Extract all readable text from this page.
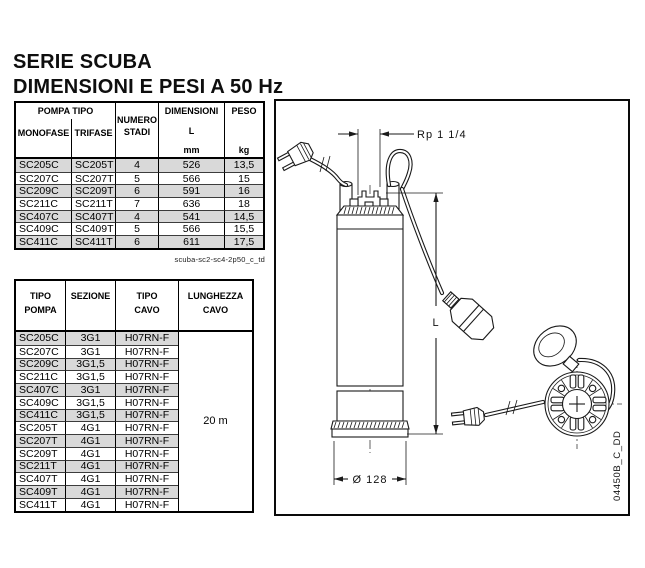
SERIE SCUBA
DIMENSIONI E PESI A 50 Hz
POMPA TIPO
MONOFASE TRIFASE
NUMERO
STADI
DIMENSIONI
L
mm
PESO
kg
SC205C	SC205T	4	526	13,5
SC207C	SC207T	5	566	15
SC209C	SC209T	6	591	16
SC211C	SC211T	7	636	18
SC407C	SC407T	4	541	14,5
SC409C	SC409T	5	566	15,5
SC411C	SC411T	6	611	17,5
scuba-sc2-sc4-2p50_c_td
TIPO
POMPA
SEZIONE	TIPO
CAVO
LUNGHEZZA
CAVO
SC205C	3G1	H07RN-F
SC207C	3G1	H07RN-F
SC209C	3G1,5	H07RN-F
SC211C	3G1,5	H07RN-F
SC407C	3G1	H07RN-F
SC409C	3G1,5	H07RN-F
SC411C	3G1,5	H07RN-F
SC205T	4G1	H07RN-F
SC207T	4G1	H07RN-F
SC209T	4G1	H07RN-F
SC211T	4G1	H07RN-F
SC407T	4G1	H07RN-F
SC409T	4G1	H07RN-F
SC411T	4G1	H07RN-F
20 m
Rp 1 1/4
L
Ø 128	04450B_C_DD
